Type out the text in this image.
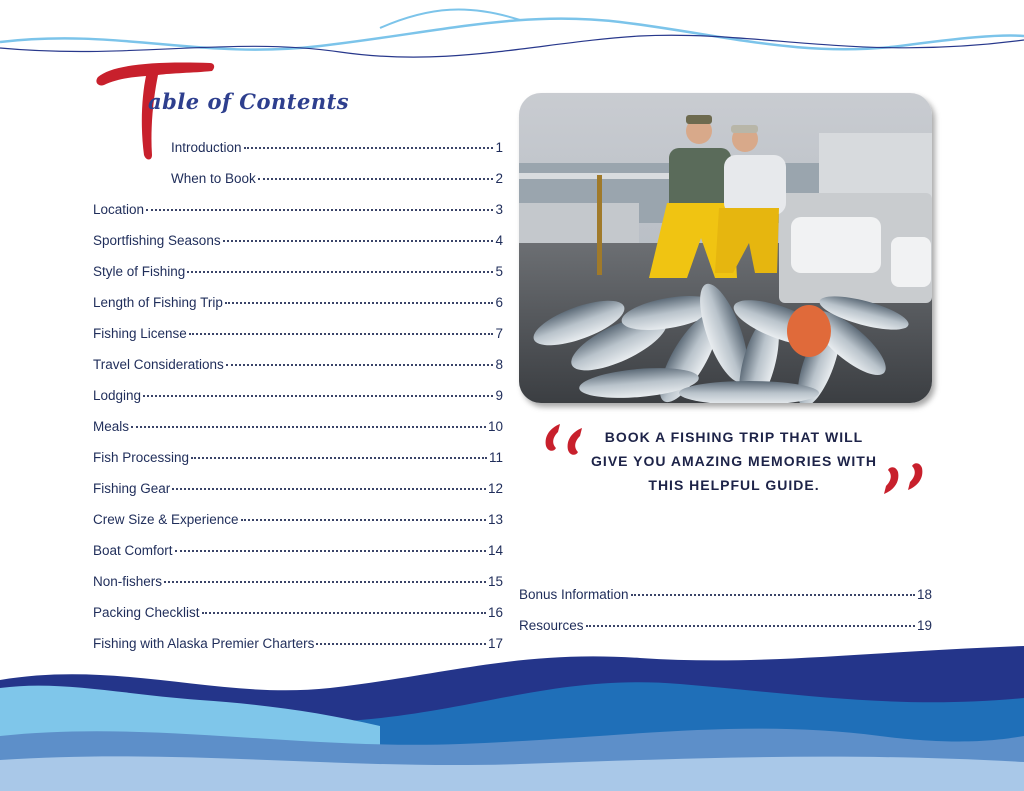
able of Contents
Introduction	1
When to Book	2
Location	3
Sportfishing Seasons	4
Style of Fishing	5
Length of Fishing Trip	6
Fishing License	7
Travel Considerations	8
Lodging	9
Meals	10
Fish Processing	11
Fishing Gear	12
Crew Size & Experience	13
Boat Comfort	14
Non-fishers	15
Packing Checklist	16
Fishing with Alaska Premier Charters	17
Bonus Information	18
Resources	19
BOOK A FISHING TRIP THAT WILL GIVE YOU AMAZING MEMORIES WITH THIS HELPFUL GUIDE.
